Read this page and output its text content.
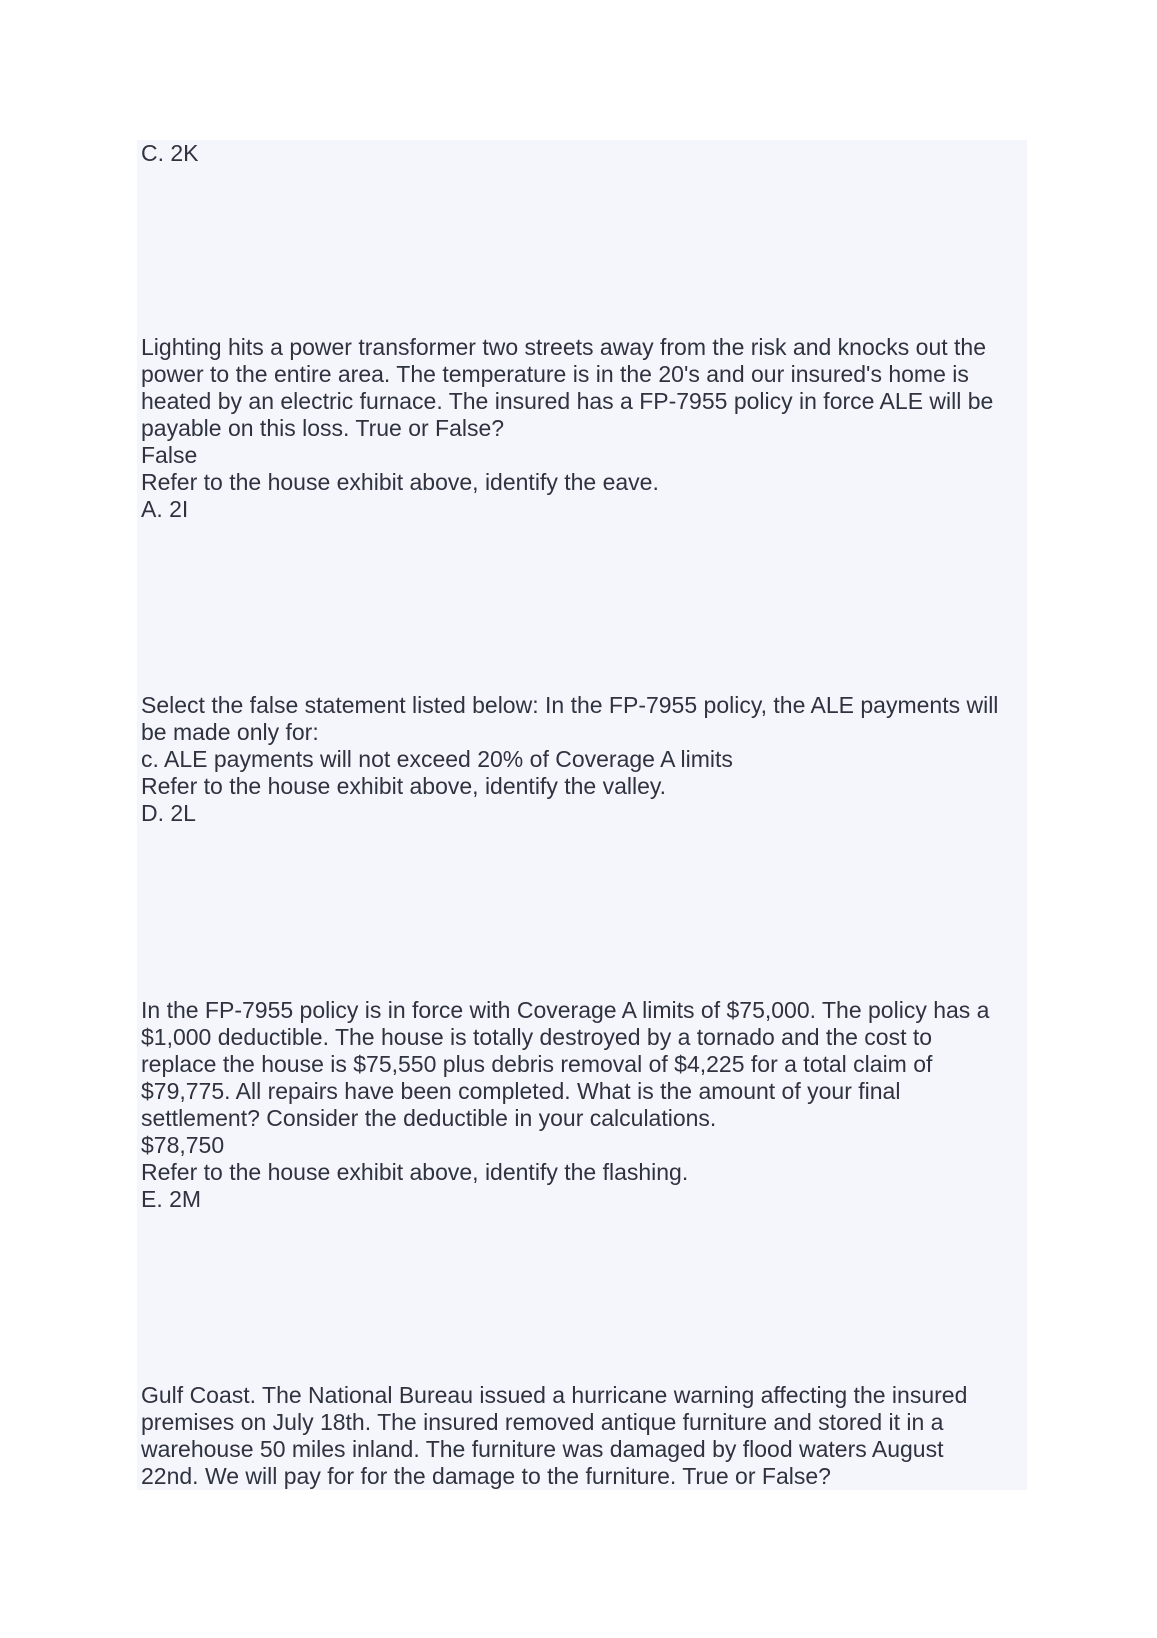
C. 2K
Lighting hits a power transformer two streets away from the risk and knocks out the
power to the entire area. The temperature is in the 20's and our insured's home is
heated by an electric furnace. The insured has a FP-7955 policy in force ALE will be
payable on this loss. True or False?
False
Refer to the house exhibit above, identify the eave.
A. 2I
Select the false statement listed below: In the FP-7955 policy, the ALE payments will
be made only for:
c. ALE payments will not exceed 20% of Coverage A limits
Refer to the house exhibit above, identify the valley.
D. 2L
In the FP-7955 policy is in force with Coverage A limits of $75,000. The policy has a
$1,000 deductible. The house is totally destroyed by a tornado and the cost to
replace the house is $75,550 plus debris removal of $4,225 for a total claim of
$79,775. All repairs have been completed. What is the amount of your final
settlement? Consider the deductible in your calculations.
$78,750
Refer to the house exhibit above, identify the flashing.
E. 2M
Gulf Coast. The National Bureau issued a hurricane warning affecting the insured
premises on July 18th. The insured removed antique furniture and stored it in a
warehouse 50 miles inland. The furniture was damaged by flood waters August
22nd. We will pay for for the damage to the furniture. True or False?
